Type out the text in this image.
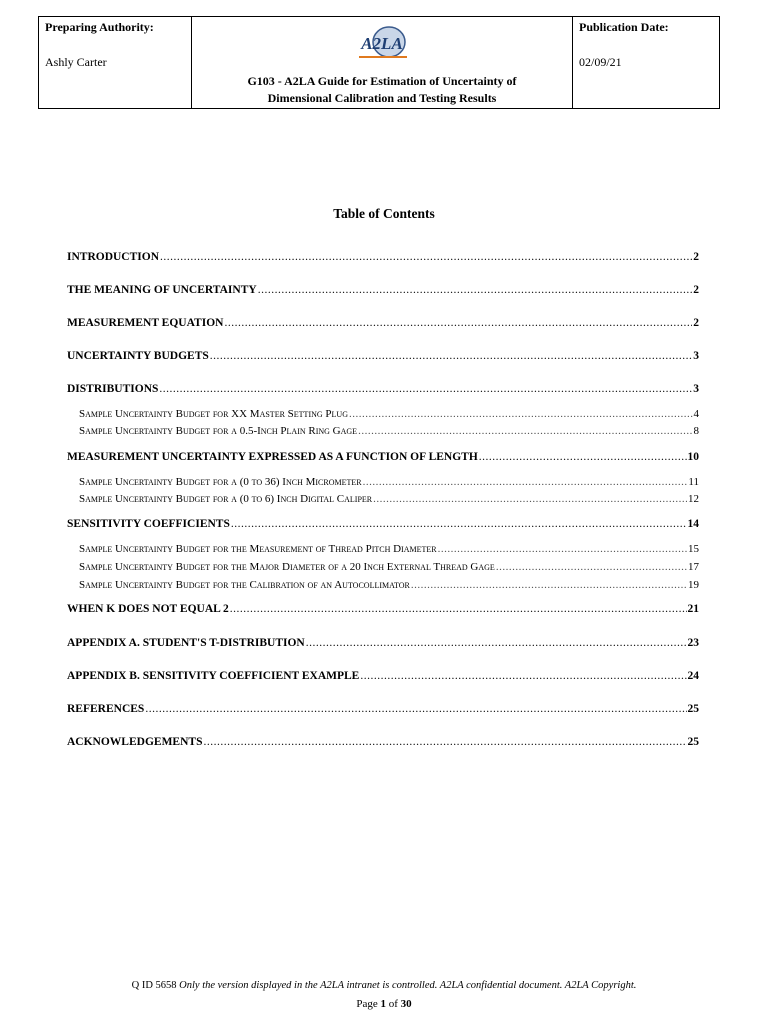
Preparing Authority:
Ashly Carter
A2LA
G103 - A2LA Guide for Estimation of Uncertainty of
Dimensional Calibration and Testing Results
Publication Date:
02/09/21
Table of Contents
INTRODUCTION .....	2
THE MEANING OF UNCERTAINTY .....	2
MEASUREMENT EQUATION .....	2
UNCERTAINTY BUDGETS .....	3
DISTRIBUTIONS .....	3
Sample Uncertainty Budget for XX Master Setting Plug .....	4
Sample Uncertainty Budget for a 0.5-Inch Plain Ring Gage .....	8
MEASUREMENT UNCERTAINTY EXPRESSED AS A FUNCTION OF LENGTH .....	10
Sample Uncertainty Budget for a (0 to 36) Inch Micrometer .....	11
Sample Uncertainty Budget for a (0 to 6) Inch Digital Caliper .....	12
SENSITIVITY COEFFICIENTS .....	14
Sample Uncertainty Budget for the Measurement of Thread Pitch Diameter .....	15
Sample Uncertainty Budget for the Major Diameter of a 20 Inch External Thread Gage .....	17
Sample Uncertainty Budget for the Calibration of an Autocollimator .....	19
WHEN K DOES NOT EQUAL 2 .....	21
APPENDIX A. STUDENT'S T-DISTRIBUTION .....	23
APPENDIX B. SENSITIVITY COEFFICIENT EXAMPLE .....	24
REFERENCES .....	25
ACKNOWLEDGEMENTS .....	25
Q ID 5658 Only the version displayed in the A2LA intranet is controlled. A2LA confidential document. A2LA Copyright.
Page 1 of 30
